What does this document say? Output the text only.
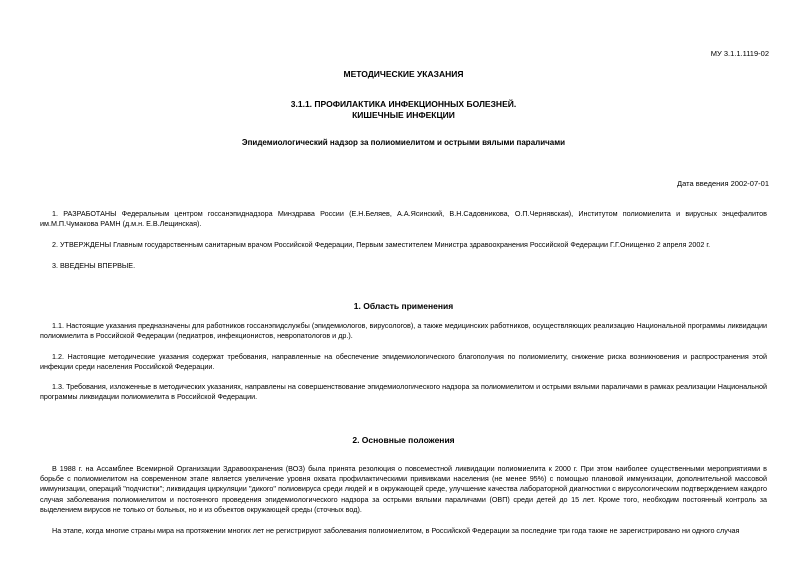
МУ 3.1.1.1119-02
МЕТОДИЧЕСКИЕ УКАЗАНИЯ
3.1.1. ПРОФИЛАКТИКА ИНФЕКЦИОННЫХ БОЛЕЗНЕЙ.
КИШЕЧНЫЕ ИНФЕКЦИИ
Эпидемиологический надзор за полиомиелитом и острыми вялыми параличами
Дата введения 2002-07-01
1. РАЗРАБОТАНЫ Федеральным центром госсанэпиднадзора Минздрава России (Е.Н.Беляев, А.А.Ясинский, В.Н.Садовникова, О.П.Чернявская), Институтом полиомиелита и вирусных энцефалитов им.М.П.Чумакова РАМН (д.м.н. Е.В.Лещинская).
2. УТВЕРЖДЕНЫ Главным государственным санитарным врачом Российской Федерации, Первым заместителем Министра здравоохранения Российской Федерации Г.Г.Онищенко 2 апреля 2002 г.
3. ВВЕДЕНЫ ВПЕРВЫЕ.
1. Область применения
1.1. Настоящие указания предназначены для работников госсанэпидслужбы (эпидемиологов, вирусологов), а также медицинских работников, осуществляющих реализацию Национальной программы ликвидации полиомиелита в Российской Федерации (педиатров, инфекционистов, невропатологов и др.).
1.2. Настоящие методические указания содержат требования, направленные на обеспечение эпидемиологического благополучия по полиомиелиту, снижение риска возникновения и распространения этой инфекции среди населения Российской Федерации.
1.3. Требования, изложенные в методических указаниях, направлены на совершенствование эпидемиологического надзора за полиомиелитом и острыми вялыми параличами в рамках реализации Национальной программы ликвидации полиомиелита в Российской Федерации.
2. Основные положения
В 1988 г. на Ассамблее Всемирной Организации Здравоохранения (ВОЗ) была принята резолюция о повсеместной ликвидации полиомиелита к 2000 г. При этом наиболее существенными мероприятиями в борьбе с полиомиелитом на современном этапе является увеличение уровня охвата профилактическими прививками населения (не менее 95%) с помощью плановой иммунизации, дополнительной массовой иммунизации, операций "подчистки"; ликвидация циркуляции "дикого" полиовируса среди людей и в окружающей среде, улучшение качества лабораторной диагностики с вирусологическим подтверждением каждого случая заболевания полиомиелитом и постоянного проведения эпидемиологического надзора за острыми вялыми параличами (ОВП) среди детей до 15 лет. Кроме того, необходим постоянный контроль за выделением вирусов не только от больных, но и из объектов окружающей среды (сточных вод).
На этапе, когда многие страны мира на протяжении многих лет не регистрируют заболевания полиомиелитом, в Российской Федерации за последние три года также не зарегистрировано ни одного случая
